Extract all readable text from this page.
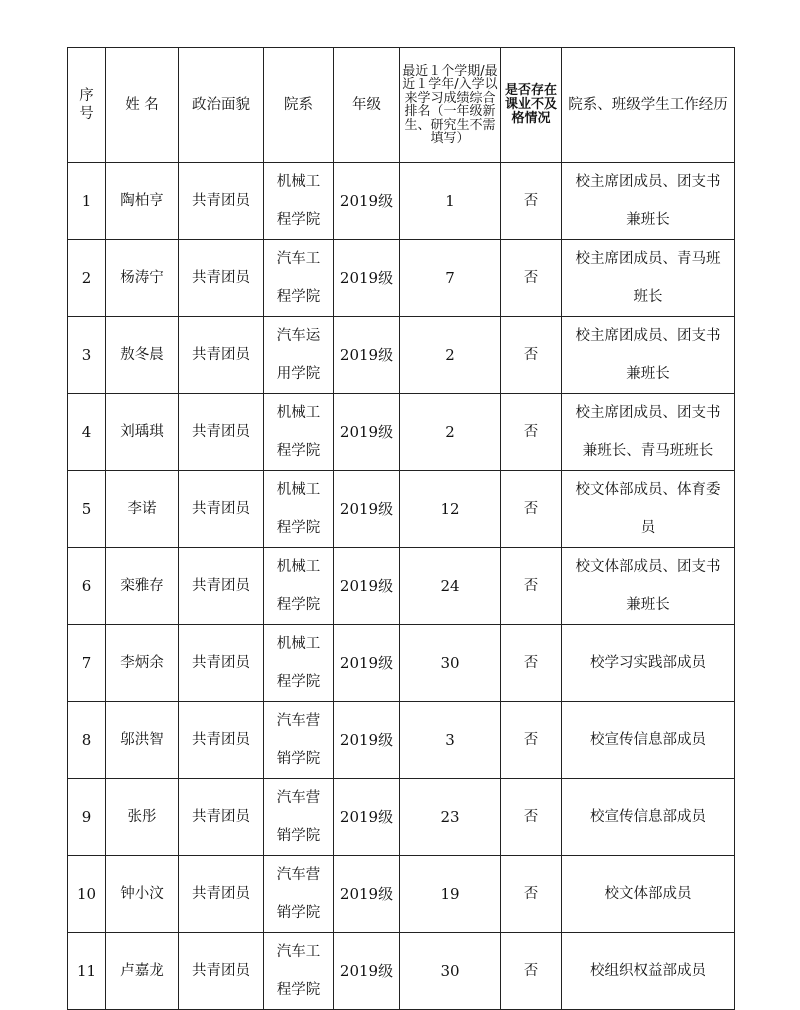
序号	姓 名	政治面貌	院系	年级	最近１个学期/最近１学年/入学以来学习成绩综合排名（一年级新生、研究生不需填写）	是否存在课业不及格情况	院系、班级学生工作经历
1	陶柏亨	共青团员	机械工程学院	2019级	1	否	校主席团成员、团支书兼班长
2	杨涛宁	共青团员	汽车工程学院	2019级	7	否	校主席团成员、青马班班长
3	敖冬晨	共青团员	汽车运用学院	2019级	2	否	校主席团成员、团支书兼班长
4	刘瑀琪	共青团员	机械工程学院	2019级	2	否	校主席团成员、团支书兼班长、青马班班长
5	李诺	共青团员	机械工程学院	2019级	12	否	校文体部成员、体育委员
6	栾雅存	共青团员	机械工程学院	2019级	24	否	校文体部成员、团支书兼班长
7	李炳余	共青团员	机械工程学院	2019级	30	否	校学习实践部成员
8	邬洪智	共青团员	汽车营销学院	2019级	3	否	校宣传信息部成员
9	张彤	共青团员	汽车营销学院	2019级	23	否	校宣传信息部成员
10	钟小汶	共青团员	汽车营销学院	2019级	19	否	校文体部成员
11	卢嘉龙	共青团员	汽车工程学院	2019级	30	否	校组织权益部成员
